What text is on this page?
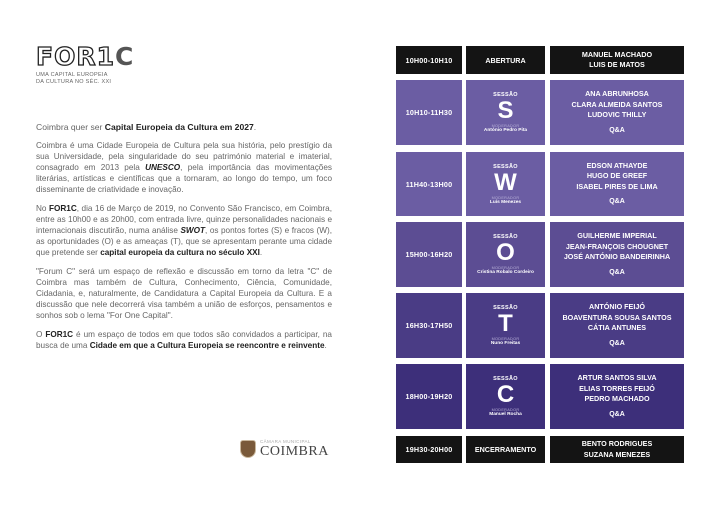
FOR1C
UMA CAPITAL EUROPEIA
DA CULTURA NO SÉC. XXI

Coimbra quer ser Capital Europeia da Cultura em 2027.

Coimbra é uma Cidade Europeia de Cultura pela sua história, pelo prestígio da sua Universidade, pela singularidade do seu património material e imaterial, consagrado em 2013 pela UNESCO, pela importância das movimentações literárias, artísticas e científicas que a tornaram, ao longo do tempo, um foco disseminante de criatividade e inovação.

No FOR1C, dia 16 de Março de 2019, no Convento São Francisco, em Coimbra, entre as 10h00 e as 20h00, com entrada livre, quinze personalidades nacionais e internacionais discutirão, numa análise SWOT, os pontos fortes (S) e fracos (W), as oportunidades (O) e as ameaças (T), que se apresentam perante uma cidade que pretende ser capital europeia da cultura no século XXI.

"Forum C" será um espaço de reflexão e discussão em torno da letra "C" de Coimbra mas também de Cultura, Conhecimento, Ciência, Comunidade, Cidadania, e, naturalmente, de Candidatura a Capital Europeia da Cultura. E a discussão que nele decorrerá visa também a união de esforços, pensamentos e sonhos sob o lema "For One Capital".

O FOR1C é um espaço de todos em que todos são convidados a participar, na busca de uma Cidade em que a Cultura Europeia se reencontre e reinvente.

CÂMARA MUNICIPAL
COIMBRA
10H00-10H10	ABERTURA
MANUEL MACHADO
LUIS DE MATOS
10H10-11H30
SESSÃO
S
MODERADOR
António Pedro Pita
ANA ABRUNHOSA
CLARA ALMEIDA SANTOS
LUDOVIC THILLY
Q&A
11H40-13H00
SESSÃO
W
MODERADOR
Luís Menezes
EDSON ATHAYDE
HUGO DE GREEF
ISABEL PIRES DE LIMA
Q&A
15H00-16H20
SESSÃO
O
MODERADOR
Cristina Robalo Cordeiro
GUILHERME IMPERIAL
JEAN-FRANÇOIS CHOUGNET
JOSÉ ANTÓNIO BANDEIRINHA
Q&A
16H30-17H50
SESSÃO
T
MODERADOR
Nuno Freitas
ANTÓNIO FEIJÓ
BOAVENTURA SOUSA SANTOS
CÁTIA ANTUNES
Q&A
18H00-19H20
SESSÃO
C
MODERADOR
Manuel Rocha
ARTUR SANTOS SILVA
ELIAS TORRES FEIJÓ
PEDRO MACHADO
Q&A
19H30-20H00	ENCERRAMENTO
BENTO RODRIGUES
SUZANA MENEZES
